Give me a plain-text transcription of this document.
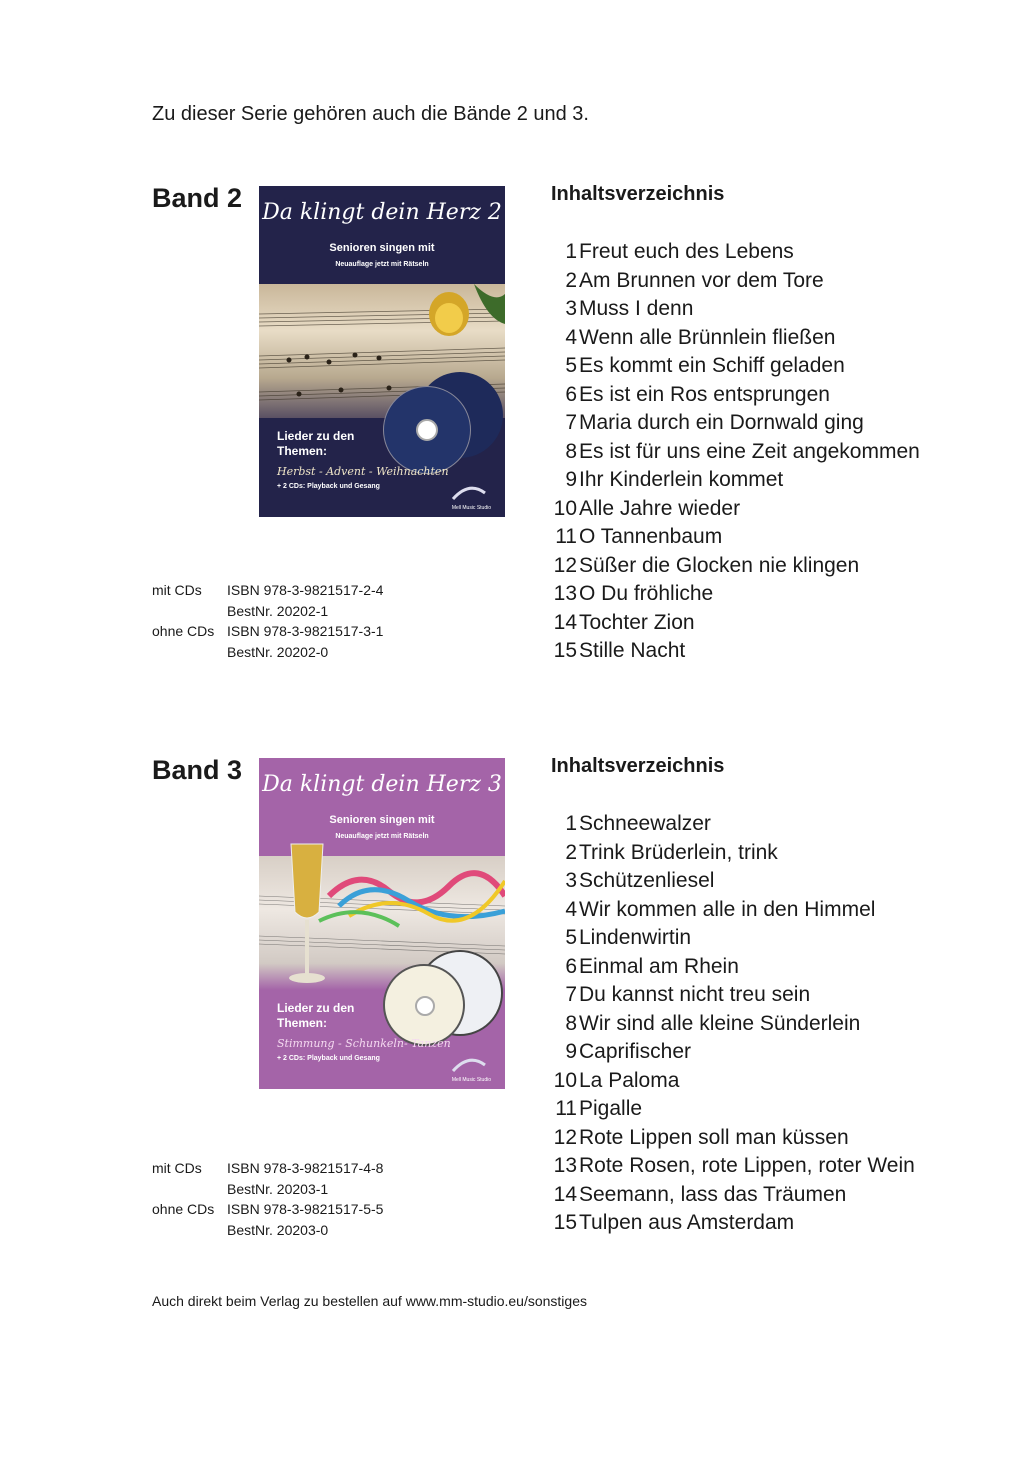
Zu dieser Serie gehören auch die Bände 2 und 3.
Band 2 Da klingt dein Herz 2
Senioren singen mit
Neuauflage jetzt mit Rätseln
Lieder zu den Themen:
Herbst - Advent - Weihnachten
+ 2 CDs: Playback und Gesang
Mell Music Studio
mit CDs	ISBN 978-3-9821517-2-4
BestNr. 20202-1
ohne CDs ISBN 978-3-9821517-3-1
BestNr. 20202-0
Inhaltsverzeichnis
1 Freut euch des Lebens
2 Am Brunnen vor dem Tore
3 Muss I denn
4 Wenn alle Brünnlein fließen
5 Es kommt ein Schiff geladen
6 Es ist ein Ros entsprungen
7 Maria durch ein Dornwald ging
8 Es ist für uns eine Zeit angekommen
9 Ihr Kinderlein kommet
10 Alle Jahre wieder
11 O Tannenbaum
12 Süßer die Glocken nie klingen
13 O Du fröhliche
14 Tochter Zion
15 Stille Nacht
Band 3 Da klingt dein Herz 3
Senioren singen mit
Neuauflage jetzt mit Rätseln
Lieder zu den Themen:
Stimmung - Schunkeln- Tanzen
+ 2 CDs: Playback und Gesang
Mell Music Studio
mit CDs	ISBN 978-3-9821517-4-8
BestNr. 20203-1
ohne CDs ISBN 978-3-9821517-5-5
BestNr. 20203-0
Inhaltsverzeichnis
1 Schneewalzer
2 Trink Brüderlein, trink
3 Schützenliesel
4 Wir kommen alle in den Himmel
5 Lindenwirtin
6 Einmal am Rhein
7 Du kannst nicht treu sein
8 Wir sind alle kleine Sünderlein
9 Caprifischer
10 La Paloma
11 Pigalle
12 Rote Lippen soll man küssen
13 Rote Rosen, rote Lippen, roter Wein
14 Seemann, lass das Träumen
15 Tulpen aus Amsterdam
Auch direkt beim Verlag zu bestellen auf www.mm-studio.eu/sonstiges
